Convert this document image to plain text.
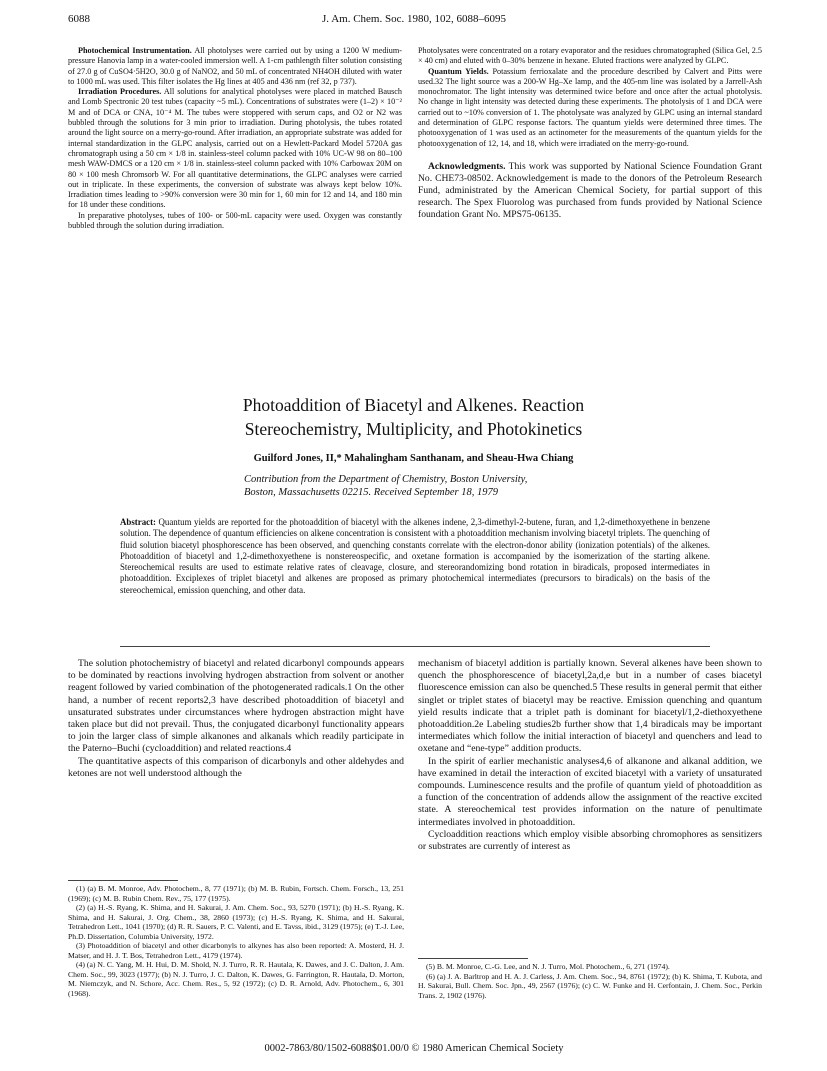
6088	J. Am. Chem. Soc. 1980, 102, 6088–6095

Photochemical Instrumentation. All photolyses were carried out by using a 1200 W medium-pressure Hanovia lamp in a water-cooled immersion well. A 1-cm pathlength filter solution consisting of 27.0 g of CuSO4·5H2O, 30.0 g of NaNO2, and 50 mL of concentrated NH4OH diluted with water to 1000 mL was used. This filter isolates the Hg lines at 405 and 436 nm (ref 32, p 737).

Irradiation Procedures. All solutions for analytical photolyses were placed in matched Bausch and Lomb Spectronic 20 test tubes (capacity ~5 mL). Concentrations of substrates were (1–2) × 10⁻² M and of DCA or CNA, 10⁻⁴ M. The tubes were stoppered with serum caps, and O2 or N2 was bubbled through the solutions for 3 min prior to irradiation. During photolysis, the tubes rotated around the light source on a merry-go-round. After irradiation, an appropriate substrate was added for internal standardization in the GLPC analysis, carried out on a Hewlett-Packard Model 5720A gas chromatograph using a 50 cm × 1/8 in. stainless-steel column packed with 10% UC-W 98 on 80–100 mesh WAW-DMCS or a 120 cm × 1/8 in. stainless-steel column packed with 10% Carbowax 20M on 80 × 100 mesh Chromsorb W. For all quantitative determinations, the GLPC analyses were carried out in triplicate. In these experiments, the conversion of substrate was always kept below 10%. Irradiation times leading to >90% conversion were 30 min for 1, 60 min for 12 and 14, and 180 min for 18 under these conditions.

In preparative photolyses, tubes of 100- or 500-mL capacity were used. Oxygen was constantly bubbled through the solution during irradiation.

Photolysates were concentrated on a rotary evaporator and the residues chromatographed (Silica Gel, 2.5 × 40 cm) and eluted with 0–30% benzene in hexane. Eluted fractions were analyzed by GLPC.

Quantum Yields. Potassium ferrioxalate and the procedure described by Calvert and Pitts were used.32 The light source was a 200-W Hg–Xe lamp, and the 405-nm line was isolated by a Jarrell-Ash monochromator. The light intensity was determined twice before and once after the actual photolysis. No change in light intensity was detected during these experiments. The photolysis of 1 and DCA were carried out to ~10% conversion of 1. The photolysate was analyzed by GLPC using an internal standard and determination of GLPC response factors. The quantum yields were determined three times. The photooxygenation of 1 was used as an actinometer for the measurements of the quantum yields for the photooxygenation of 12, 14, and 18, which were irradiated on the merry-go-round.

Acknowledgments. This work was supported by National Science Foundation Grant No. CHE73-08502. Acknowledgement is made to the donors of the Petroleum Research Fund, administrated by the American Chemical Society, for partial support of this research. The Spex Fluorolog was purchased from funds provided by National Science foundation Grant No. MPS75-06135.

Photoaddition of Biacetyl and Alkenes. Reaction
Stereochemistry, Multiplicity, and Photokinetics
Guilford Jones, II,* Mahalingham Santhanam, and Sheau-Hwa Chiang
Contribution from the Department of Chemistry, Boston University,
Boston, Massachusetts 02215. Received September 18, 1979
Abstract: Quantum yields are reported for the photoaddition of biacetyl with the alkenes indene, 2,3-dimethyl-2-butene, furan, and 1,2-dimethoxyethene in benzene solution. The dependence of quantum efficiencies on alkene concentration is consistent with a photoaddition mechanism involving biacetyl triplets. The quenching of fluid solution biacetyl phosphorescence has been observed, and quenching constants correlate with the electron-donor ability (ionization potentials) of the alkenes. Photoaddition of biacetyl and 1,2-dimethoxyethene is nonstereospecific, and oxetane formation is accompanied by the isomerization of the starting alkene. Stereochemical results are used to estimate relative rates of cleavage, closure, and stereorandomizing bond rotation in biradicals, proposed intermediates in photoaddition. Exciplexes of triplet biacetyl and alkenes are proposed as primary photochemical intermediates (precursors to biradicals) on the basis of the stereochemical, emission quenching, and other data.

The solution photochemistry of biacetyl and related dicarbonyl compounds appears to be dominated by reactions involving hydrogen abstraction from solvent or another reagent followed by varied combination of the photogenerated radicals.1 On the other hand, a number of recent reports2,3 have described photoaddition of biacetyl and unsaturated substrates under circumstances where hydrogen abstraction might have taken place but did not prevail. Thus, the conjugated dicarbonyl functionality appears to join the larger class of simple alkanones and alkanals which readily participate in the Paterno–Buchi (cycloaddition) and related reactions.4

The quantitative aspects of this comparison of dicarbonyls and other aldehydes and ketones are not well understood although the

mechanism of biacetyl addition is partially known. Several alkenes have been shown to quench the phosphorescence of biacetyl,2a,d,e but in a number of cases biacetyl fluorescence emission can also be quenched.5 These results in general permit that either singlet or triplet states of biacetyl may be reactive. Emission quenching and quantum yield results indicate that a triplet path is dominant for biacetyl/1,2-diethoxyethene photoaddition.2e Labeling studies2b further show that 1,4 biradicals may be important intermediates which follow the initial interaction of biacetyl and quenchers and lead to oxetane and “ene-type” addition products.

In the spirit of earlier mechanistic analyses4,6 of alkanone and alkanal addition, we have examined in detail the interaction of excited biacetyl with a variety of unsaturated compounds. Luminescence results and the profile of quantum yield of photoaddition as a function of the concentration of addends allow the assignment of the reactive excited state. A stereochemical test provides information on the nature of penultimate intermediates involved in photoaddition.

Cycloaddition reactions which employ visible absorbing chromophores as sensitizers or substrates are currently of interest as

(1) (a) B. M. Monroe, Adv. Photochem., 8, 77 (1971); (b) M. B. Rubin, Fortsch. Chem. Forsch., 13, 251 (1969); (c) M. B. Rubin Chem. Rev., 75, 177 (1975).

(2) (a) H.-S. Ryang, K. Shima, and H. Sakurai, J. Am. Chem. Soc., 93, 5270 (1971); (b) H.-S. Ryang, K. Shima, and H. Sakurai, J. Org. Chem., 38, 2860 (1973); (c) H.-S. Ryang, K. Shima, and H. Sakurai, Tetrahedron Lett., 1041 (1970); (d) R. R. Sauers, P. C. Valenti, and E. Tavss, ibid., 3129 (1975); (e) T.-J. Lee, Ph.D. Dissertation, Columbia University, 1972.

(3) Photoaddition of biacetyl and other dicarbonyls to alkynes has also been reported: A. Mosterd, H. J. Matser, and H. J. T. Bos, Tetrahedron Lett., 4179 (1974).

(4) (a) N. C. Yang, M. H. Hui, D. M. Shold, N. J. Turro, R. R. Hautala, K. Dawes, and J. C. Dalton, J. Am. Chem. Soc., 99, 3023 (1977); (b) N. J. Turro, J. C. Dalton, K. Dawes, G. Farrington, R. Hautala, D. Morton, M. Niemczyk, and N. Schore, Acc. Chem. Res., 5, 92 (1972); (c) D. R. Arnold, Adv. Photochem., 6, 301 (1968).

(5) B. M. Monroe, C.-G. Lee, and N. J. Turro, Mol. Photochem., 6, 271 (1974).

(6) (a) J. A. Barltrop and H. A. J. Carless, J. Am. Chem. Soc., 94, 8761 (1972); (b) K. Shima, T. Kubota, and H. Sakurai, Bull. Chem. Soc. Jpn., 49, 2567 (1976); (c) C. W. Funke and H. Cerfontain, J. Chem. Soc., Perkin Trans. 2, 1902 (1976).

0002-7863/80/1502-6088$01.00/0 © 1980 American Chemical Society
